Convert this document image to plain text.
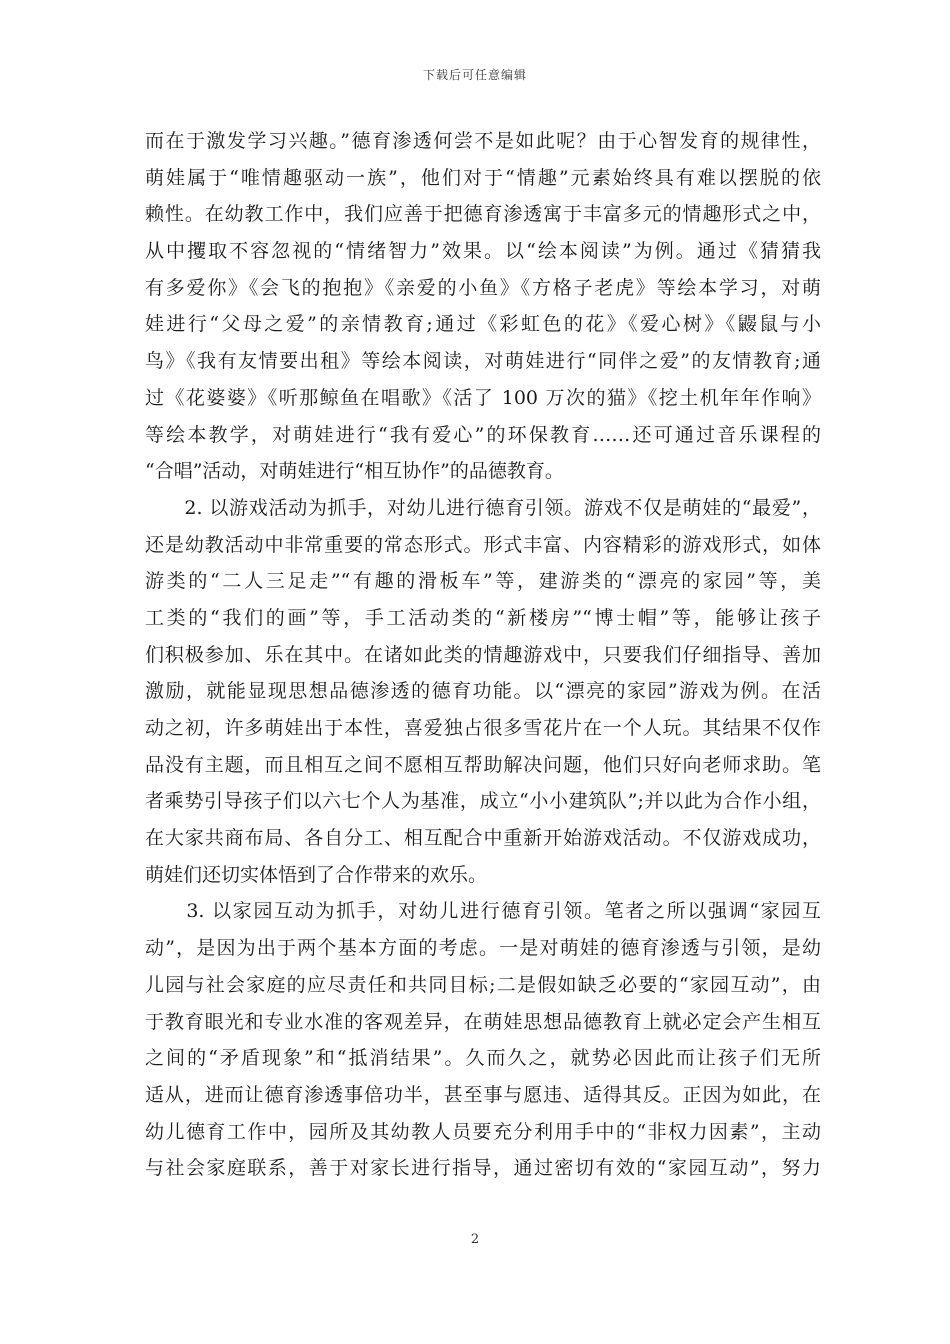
下载后可任意编辑
而在于激发学习兴趣。”德育渗透何尝不是如此呢？由于心智发育的规律性，
萌娃属于“唯情趣驱动一族”，他们对于“情趣”元素始终具有难以摆脱的依
赖性。在幼教工作中，我们应善于把德育渗透寓于丰富多元的情趣形式之中，
从中攫取不容忽视的“情绪智力”效果。以“绘本阅读”为例。通过《猜猜我
有多爱你》《会飞的抱抱》《亲爱的小鱼》《方格子老虎》等绘本学习，对萌
娃进行“父母之爱”的亲情教育;通过《彩虹色的花》《爱心树》《鼹鼠与小
鸟》《我有友情要出租》等绘本阅读，对萌娃进行“同伴之爱”的友情教育;通
过《花婆婆》《听那鲸鱼在唱歌》《活了 100 万次的猫》《挖土机年年作响》
等绘本教学，对萌娃进行“我有爱心”的环保教育……还可通过音乐课程的
“合唱”活动，对萌娃进行“相互协作”的品德教育。
　　2. 以游戏活动为抓手，对幼儿进行德育引领。游戏不仅是萌娃的“最爱”，
还是幼教活动中非常重要的常态形式。形式丰富、内容精彩的游戏形式，如体
游类的“二人三足走”“有趣的滑板车”等，建游类的“漂亮的家园”等，美
工类的“我们的画”等，手工活动类的“新楼房”“博士帽”等，能够让孩子
们积极参加、乐在其中。在诸如此类的情趣游戏中，只要我们仔细指导、善加
激励，就能显现思想品德渗透的德育功能。以“漂亮的家园”游戏为例。在活
动之初，许多萌娃出于本性，喜爱独占很多雪花片在一个人玩。其结果不仅作
品没有主题，而且相互之间不愿相互帮助解决问题，他们只好向老师求助。笔
者乘势引导孩子们以六七个人为基准，成立“小小建筑队”;并以此为合作小组，
在大家共商布局、各自分工、相互配合中重新开始游戏活动。不仅游戏成功，
萌娃们还切实体悟到了合作带来的欢乐。
　　3. 以家园互动为抓手，对幼儿进行德育引领。笔者之所以强调“家园互
动”，是因为出于两个基本方面的考虑。一是对萌娃的德育渗透与引领，是幼
儿园与社会家庭的应尽责任和共同目标;二是假如缺乏必要的“家园互动”，由
于教育眼光和专业水准的客观差异，在萌娃思想品德教育上就必定会产生相互
之间的“矛盾现象”和“抵消结果”。久而久之，就势必因此而让孩子们无所
适从，进而让德育渗透事倍功半，甚至事与愿违、适得其反。正因为如此，在
幼儿德育工作中，园所及其幼教人员要充分利用手中的“非权力因素”，主动
与社会家庭联系，善于对家长进行指导，通过密切有效的“家园互动”，努力
2
